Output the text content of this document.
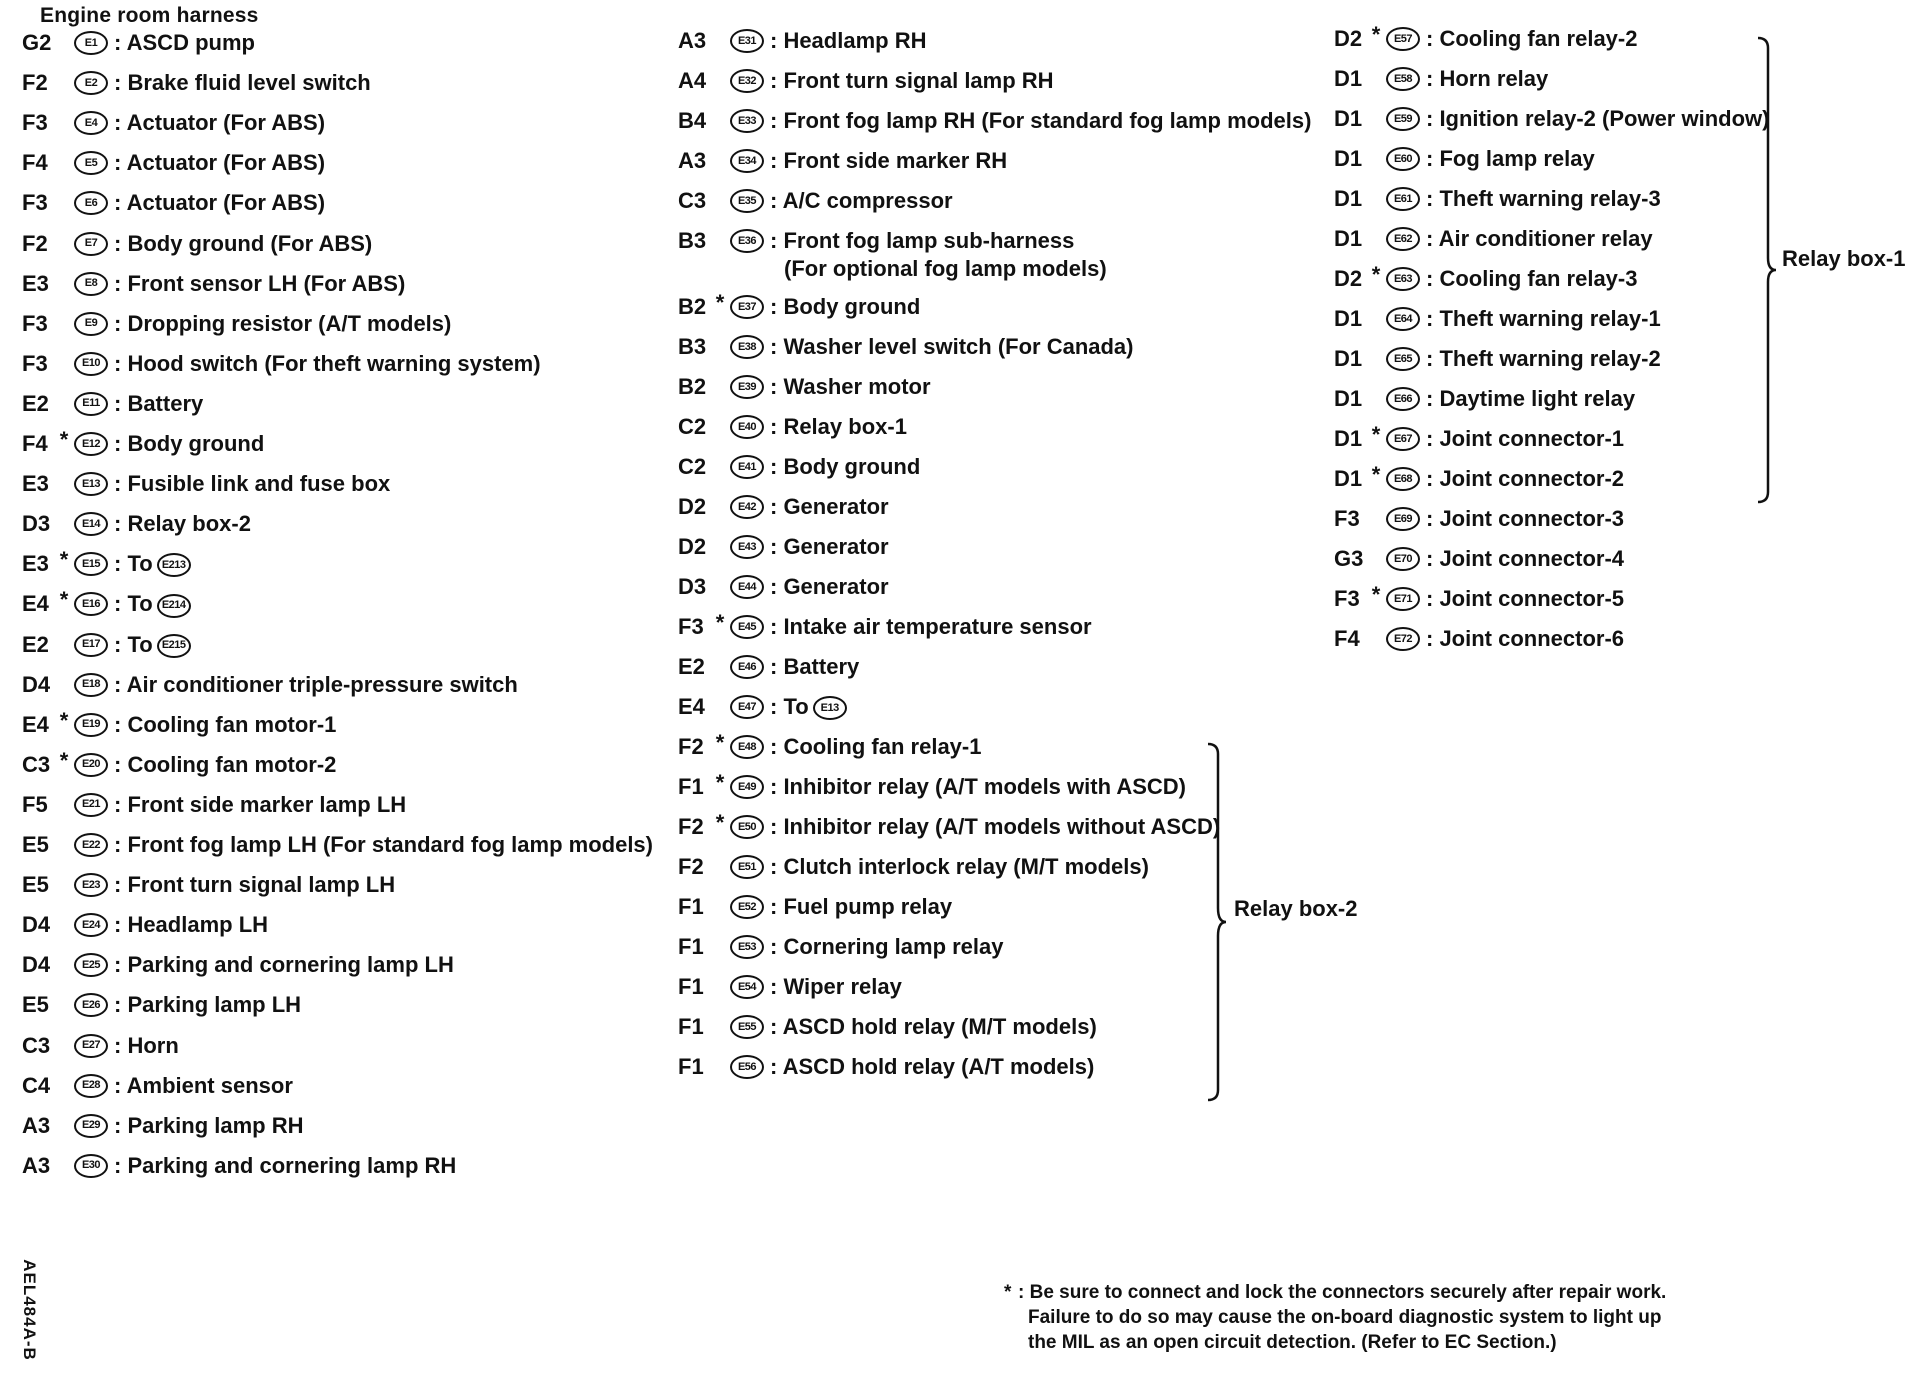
Engine room harness
G2	E1 : ASCD pump
F2	E2 : Brake fluid level switch
F3	E4 : Actuator (For ABS)
F4	E5 : Actuator (For ABS)
F3	E6 : Actuator (For ABS)
F2	E7 : Body ground (For ABS)
E3	E8 : Front sensor LH (For ABS)
F3	E9 : Dropping resistor (A/T models)
F3	E10 : Hood switch (For theft warning system)
E2	E11 : Battery
F4 *	E12 : Body ground
E3	E13 : Fusible link and fuse box
D3	E14 : Relay box-2
E3 *	E15 : To E213
E4 *	E16 : To E214
E2	E17 : To E215
D4	E18 : Air conditioner triple-pressure switch
E4 *	E19 : Cooling fan motor-1
C3 *	E20 : Cooling fan motor-2
F5	E21 : Front side marker lamp LH
E5	E22 : Front fog lamp LH (For standard fog lamp models)
E5	E23 : Front turn signal lamp LH
D4	E24 : Headlamp LH
D4	E25 : Parking and cornering lamp LH
E5	E26 : Parking lamp LH
C3	E27 : Horn
C4	E28 : Ambient sensor
A3	E29 : Parking lamp RH
A3	E30 : Parking and cornering lamp RH
A3	E31 : Headlamp RH
A4	E32 : Front turn signal lamp RH
B4	E33 : Front fog lamp RH (For standard fog lamp models)
A3	E34 : Front side marker RH
C3	E35 : A/C compressor
B3	E36 : Front fog lamp sub-harness
(For optional fog lamp models)
B2 *	E37 : Body ground
B3	E38 : Washer level switch (For Canada)
B2	E39 : Washer motor
C2	E40 : Relay box-1
C2	E41 : Body ground
D2	E42 : Generator
D2	E43 : Generator
D3	E44 : Generator
F3 *	E45 : Intake air temperature sensor
E2	E46 : Battery
E4	E47 : To E13
F2 *	E48 : Cooling fan relay-1
F1 *	E49 : Inhibitor relay (A/T models with ASCD)
F2 *	E50 : Inhibitor relay (A/T models without ASCD)
F2	E51 : Clutch interlock relay (M/T models)
F1	E52 : Fuel pump relay
F1	E53 : Cornering lamp relay
F1	E54 : Wiper relay
F1	E55 : ASCD hold relay (M/T models)
F1	E56 : ASCD hold relay (A/T models)
D2 *	E57 : Cooling fan relay-2
D1	E58 : Horn relay
D1	E59 : Ignition relay-2 (Power window)
D1	E60 : Fog lamp relay
D1	E61 : Theft warning relay-3
D1	E62 : Air conditioner relay
D2 *	E63 : Cooling fan relay-3
D1	E64 : Theft warning relay-1
D1	E65 : Theft warning relay-2
D1	E66 : Daytime light relay
D1 *	E67 : Joint connector-1
D1 *	E68 : Joint connector-2
F3	E69 : Joint connector-3
G3	E70 : Joint connector-4
F3 *	E71 : Joint connector-5
F4	E72 : Joint connector-6
Relay box-2
Relay box-1
AEL484A-B	* : Be sure to connect and lock the connectors securely after repair work.
Failure to do so may cause the on-board diagnostic system to light up
the MIL as an open circuit detection. (Refer to EC Section.)
